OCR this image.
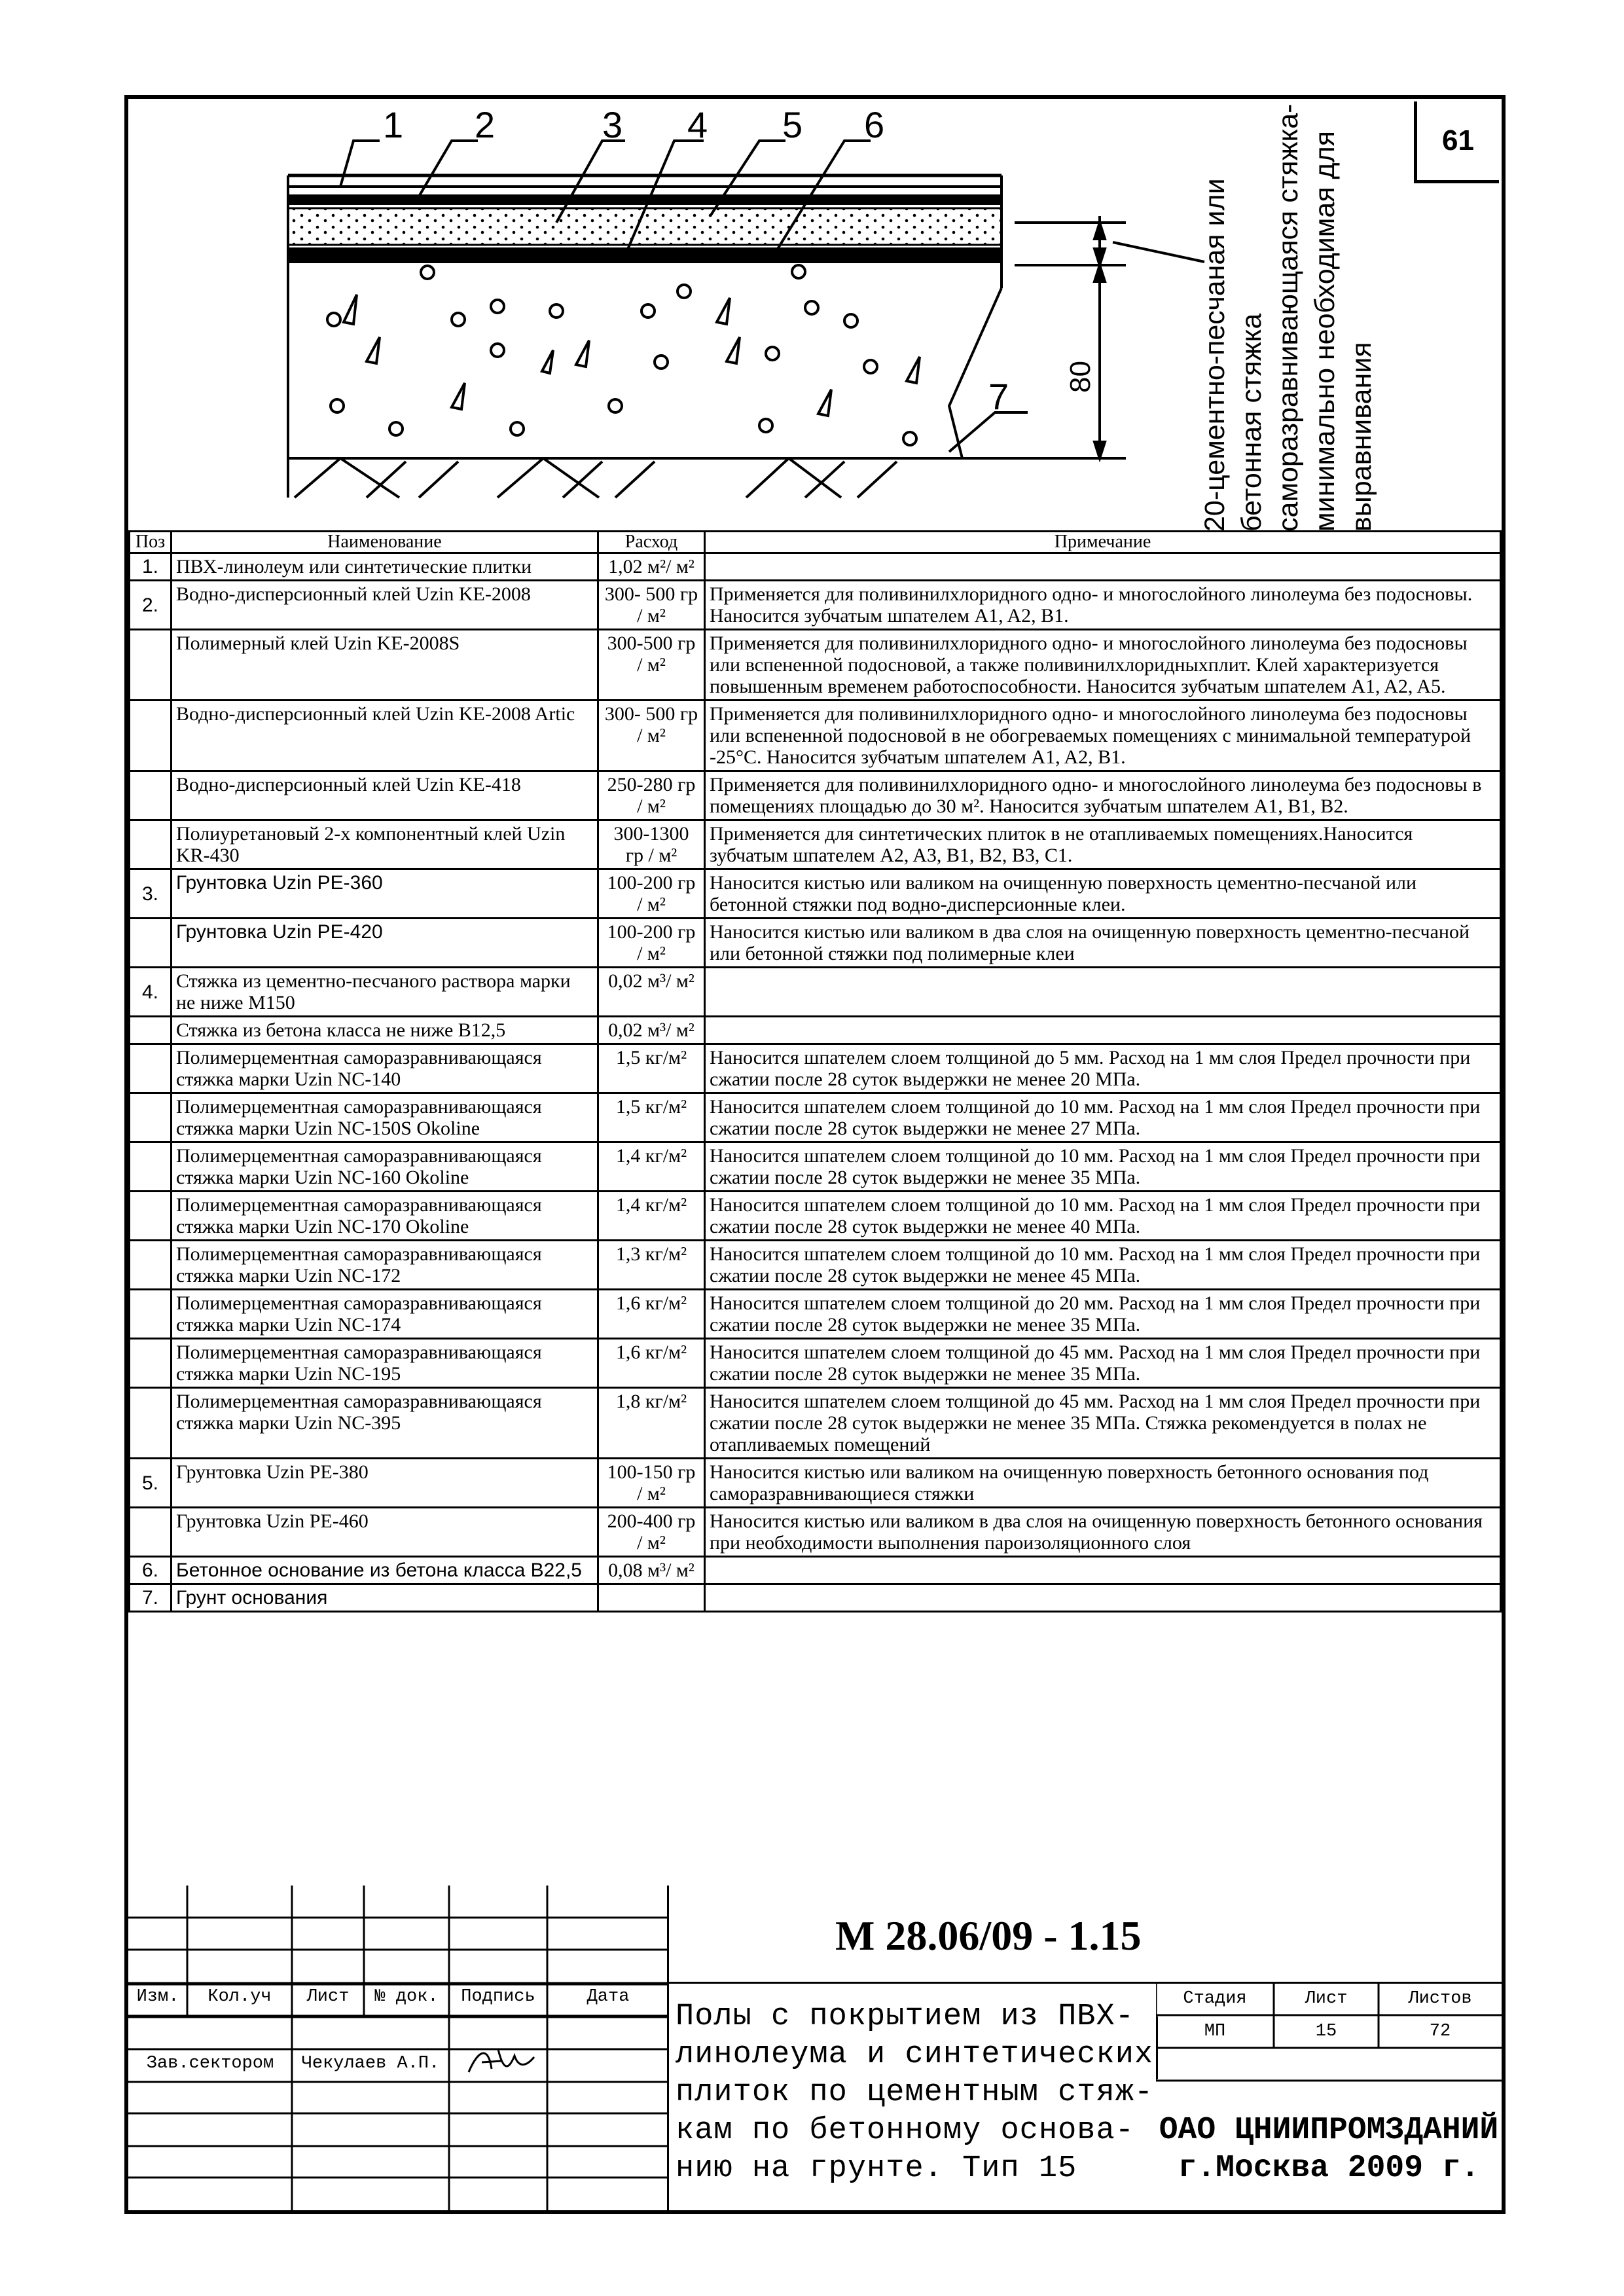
61
1 2	3 4 5 6
7 80	20-цементно-песчаная или бетонная стяжка саморазравнивающаяся стяжка- минимально необходимая для выравнивания
Поз	Наименование	Расход	Примечание
1.	ПВХ-линолеум или синтетические плитки	1,02 м²/ м²	
2.	Водно-дисперсионный клей Uzin KE-2008	300- 500 гр / м²	Применяется для поливинилхлоридного одно- и многослойного линолеума без подосновы. Наносится зубчатым шпателем A1, A2, B1.
	Полимерный клей Uzin KE-2008S	300-500 гр / м²	Применяется для поливинилхлоридного одно- и многослойного линолеума без подосновы или вспененной подосновой, а также поливинилхлоридныхплит. Клей характеризуется повышенным временем работоспособности. Наносится зубчатым шпателем A1, A2, A5.
	Водно-дисперсионный клей Uzin KE-2008 Artic	300- 500 гр / м²	Применяется для поливинилхлоридного одно- и многослойного линолеума без подосновы или вспененной подосновой в не обогреваемых помещениях с минимальной температурой -25°C. Наносится зубчатым шпателем A1, A2, B1.
	Водно-дисперсионный клей Uzin KE-418	250-280 гр / м²	Применяется для поливинилхлоридного одно- и многослойного линолеума без подосновы в помещениях площадью до 30 м². Наносится зубчатым шпателем A1, B1, B2.
	Полиуретановый 2-х компонентный клей Uzin KR-430	300-1300 гр / м²	Применяется для синтетических плиток в не отапливаемых помещениях.Наносится зубчатым шпателем A2, A3, B1, B2, B3, C1.
3.	Грунтовка Uzin PE-360	100-200 гр / м²	Наносится кистью или валиком на очищенную поверхность цементно-песчаной или бетонной стяжки под водно-дисперсионные клеи.
	Грунтовка Uzin PE-420	100-200 гр / м²	Наносится кистью или валиком в два слоя на очищенную поверхность цементно-песчаной или бетонной стяжки под полимерные клеи
4.	Стяжка из цементно-песчаного раствора марки не ниже М150	0,02 м³/ м²	
	Стяжка из бетона класса не ниже В12,5	0,02 м³/ м²	
	Полимерцементная саморазравнивающаяся стяжка марки Uzin NC-140	1,5 кг/м²	Наносится шпателем слоем толщиной до 5 мм. Расход на 1 мм слоя Предел прочности при сжатии после 28 суток выдержки не менее 20 МПа.
	Полимерцементная саморазравнивающаяся стяжка марки Uzin NC-150S Okoline	1,5 кг/м²	Наносится шпателем слоем толщиной до 10 мм. Расход на 1 мм слоя Предел прочности при сжатии после 28 суток выдержки не менее 27 МПа.
	Полимерцементная саморазравнивающаяся стяжка марки Uzin NC-160 Okoline	1,4 кг/м²	Наносится шпателем слоем толщиной до 10 мм. Расход на 1 мм слоя Предел прочности при сжатии после 28 суток выдержки не менее 35 МПа.
	Полимерцементная саморазравнивающаяся стяжка марки Uzin NC-170 Okoline	1,4 кг/м²	Наносится шпателем слоем толщиной до 10 мм. Расход на 1 мм слоя Предел прочности при сжатии после 28 суток выдержки не менее 40 МПа.
	Полимерцементная саморазравнивающаяся стяжка марки Uzin NC-172	1,3 кг/м²	Наносится шпателем слоем толщиной до 10 мм. Расход на 1 мм слоя Предел прочности при сжатии после 28 суток выдержки не менее 45 МПа.
	Полимерцементная саморазравнивающаяся стяжка марки Uzin NC-174	1,6 кг/м²	Наносится шпателем слоем толщиной до 20 мм. Расход на 1 мм слоя Предел прочности при сжатии после 28 суток выдержки не менее 35 МПа.
	Полимерцементная саморазравнивающаяся стяжка марки Uzin NC-195	1,6 кг/м²	Наносится шпателем слоем толщиной до 45 мм. Расход на 1 мм слоя Предел прочности при сжатии после 28 суток выдержки не менее 35 МПа.
	Полимерцементная саморазравнивающаяся стяжка марки Uzin NC-395	1,8 кг/м²	Наносится шпателем слоем толщиной до 45 мм. Расход на 1 мм слоя Предел прочности при сжатии после 28 суток выдержки не менее 35 МПа. Стяжка рекомендуется в полах не отапливаемых помещений
5.	Грунтовка Uzin PE-380	100-150 гр / м²	Наносится кистью или валиком на очищенную поверхность бетонного основания под саморазравнивающиеся стяжки
	Грунтовка Uzin PE-460	200-400 гр / м²	Наносится кистью или валиком в два слоя на очищенную поверхность бетонного основания при необходимости выполнения пароизоляционного слоя
6.	Бетонное основание из бетона класса В22,5	0,08 м³/ м²	
7.	Грунт основания		
Изм.	Кол.уч	Лист	№ док.	Подпись	Дата
Зав.сектором	Чекулаев А.П.
М 28.06/09 - 1.15
Стадия	Лист	Листов
МП	15	72
Полы с покрытием из ПВХ-
линолеума и синтетических
плиток по цементным стяж-
кам по бетонному основа-
нию на грунте. Тип 15
ОАО ЦНИИПРОМЗДАНИЙ
г.Москва 2009 г.
